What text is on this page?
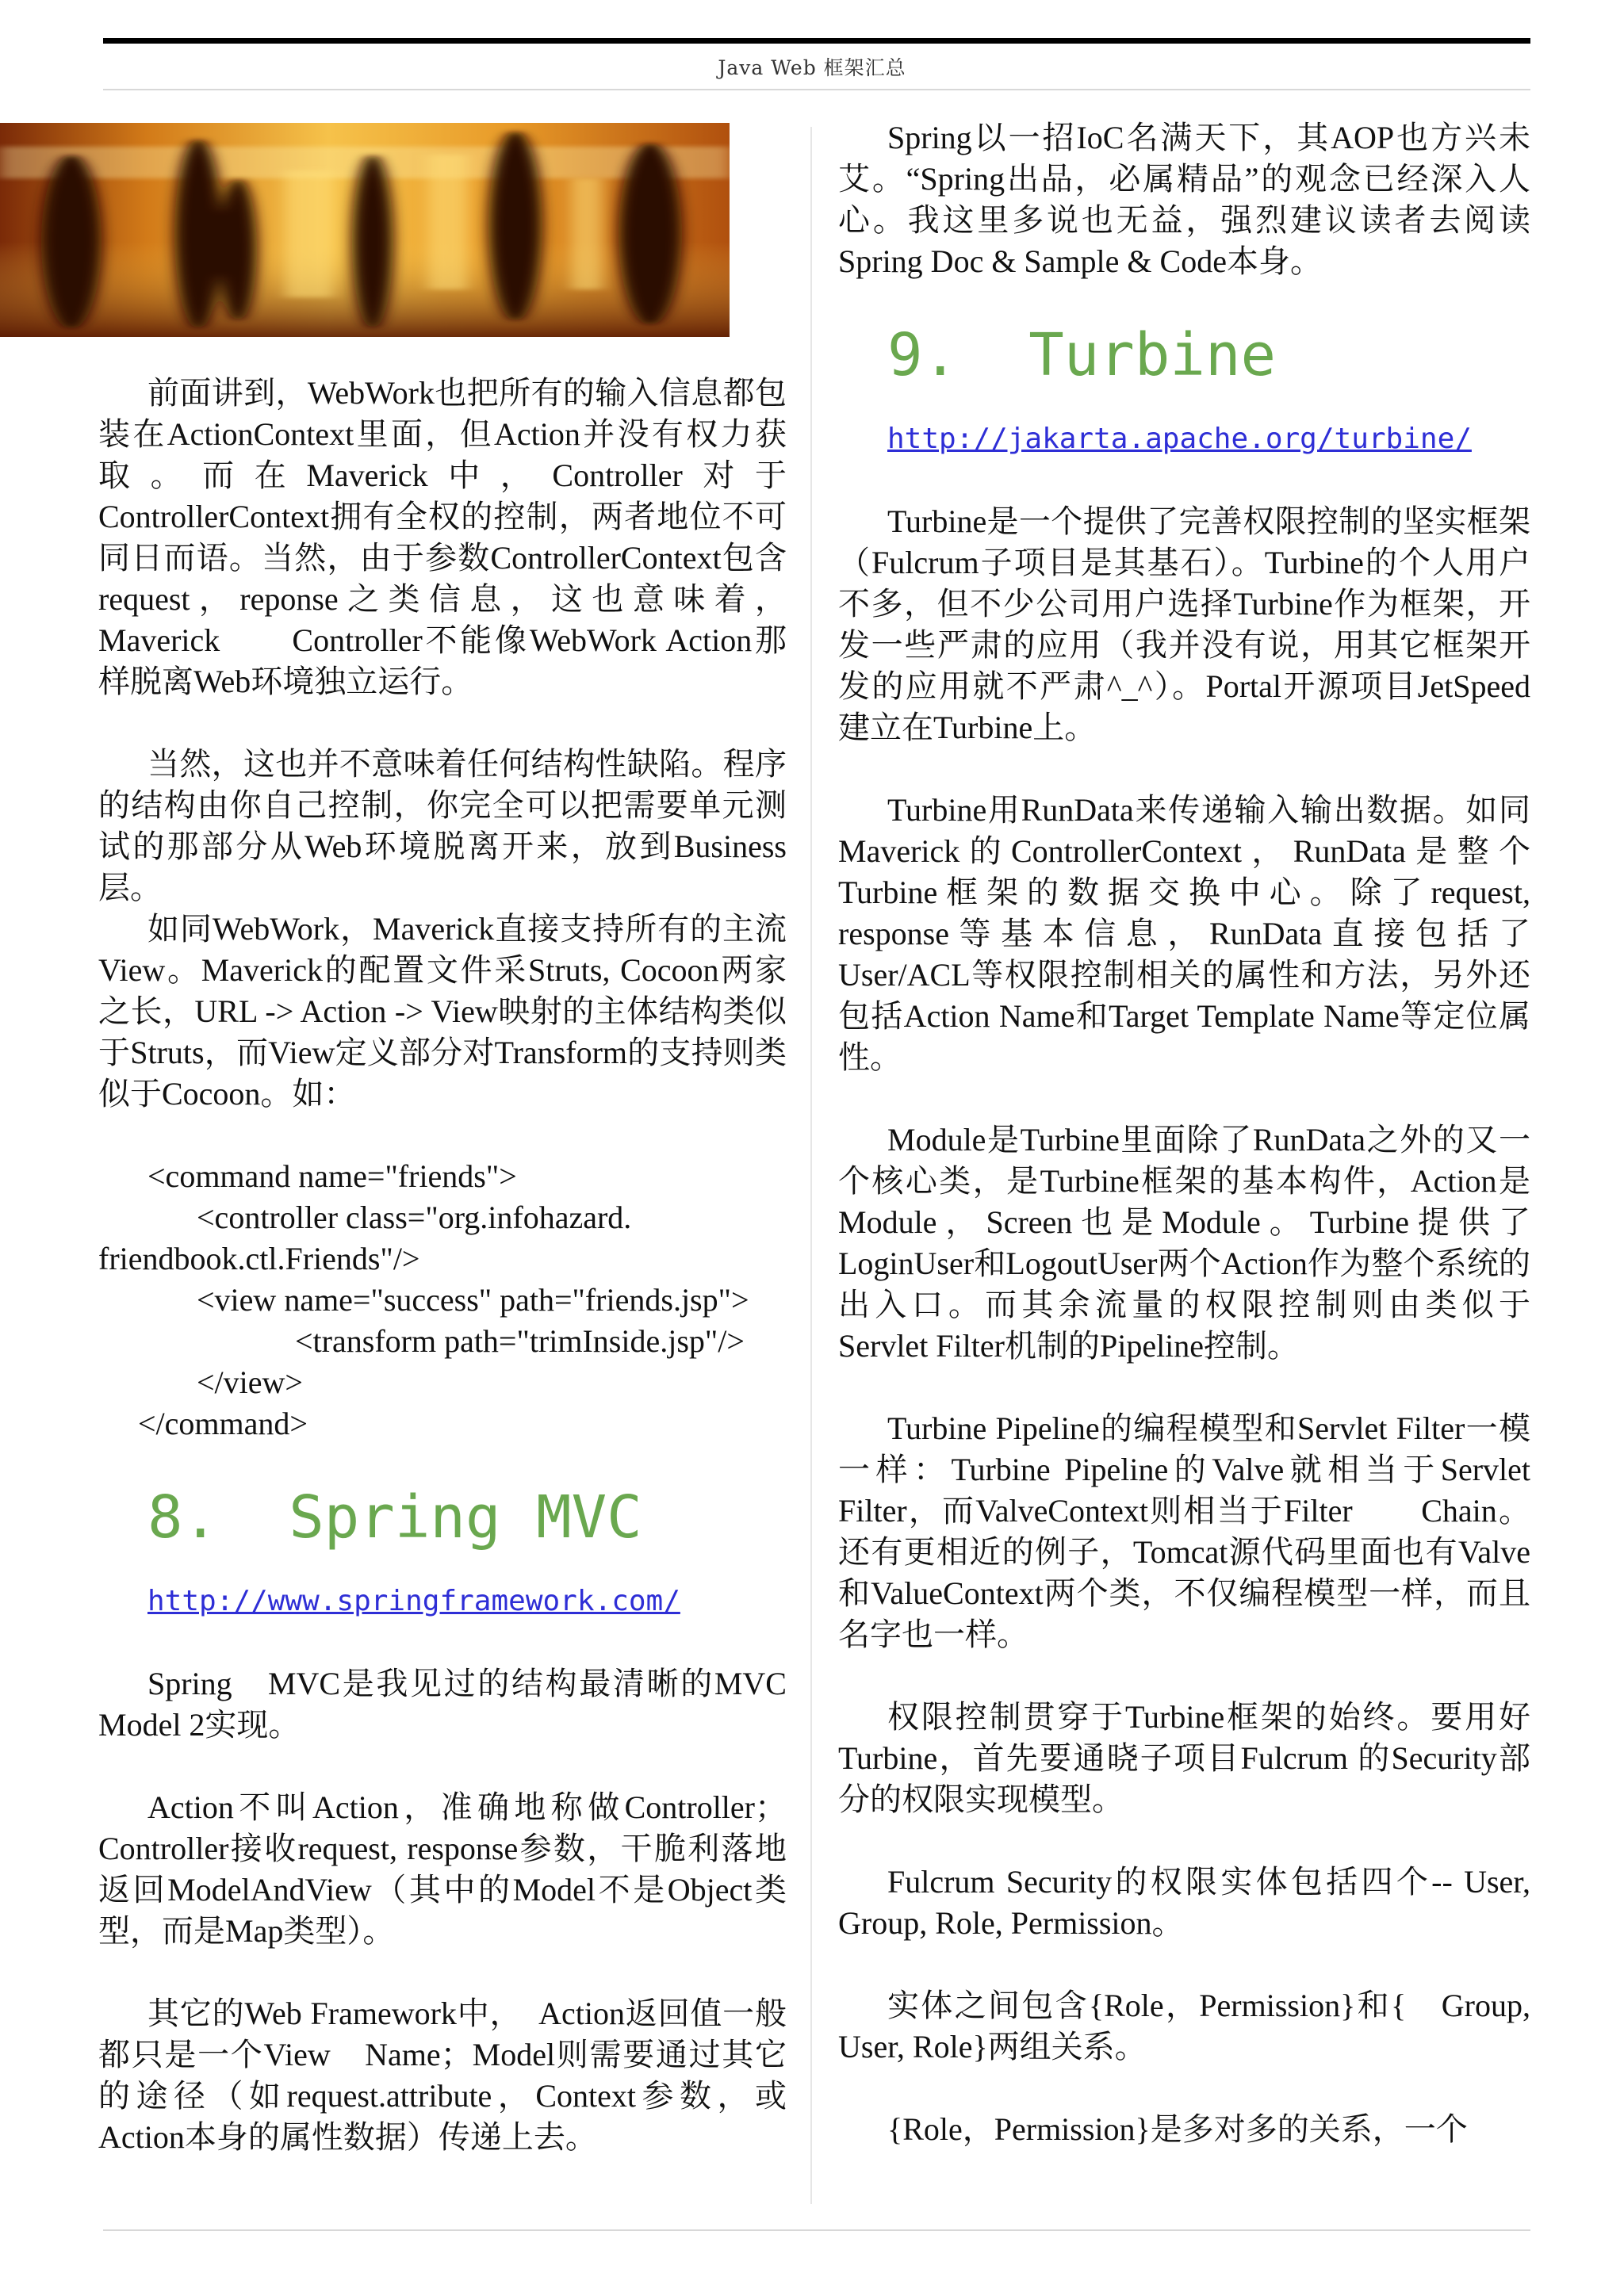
Java Web 框架汇总

前面讲到，WebWork也把所有的输入信息都包装在ActionContext里面，但Action并没有权力获取。而在Maverick中，Controller对于ControllerContext拥有全权的控制，两者地位不可同日而语。当然，由于参数ControllerContext包含request，reponse之类信息，这也意味着，Maverick　　Controller不能像WebWork Action那样脱离Web环境独立运行。

当然，这也并不意味着任何结构性缺陷。程序的结构由你自己控制，你完全可以把需要单元测试的那部分从Web环境脱离开来，放到Business层。

如同WebWork，Maverick直接支持所有的主流View。Maverick的配置文件采Struts, Cocoon两家之长，URL -> Action -> View映射的主体结构类似于Struts，而View定义部分对Transform的支持则类似于Cocoon。如：

<command name="friends">
<controller class="org.infohazard.
friendbook.ctl.Friends"/>
<view name="success" path="friends.jsp">
<transform path="trimInside.jsp"/>
</view>
</command>
8.  Spring MVC
http://www.springframework.com/

Spring　MVC是我见过的结构最清晰的MVC Model 2实现。

Action不叫Action，准确地称做Controller；Controller接收request, response参数，干脆利落地返回ModelAndView（其中的Model不是Object类型，而是Map类型）。

其它的Web Framework中，　Action返回值一般都只是一个View　Name；Model则需要通过其它的途径（如request.attribute，Context参数，或Action本身的属性数据）传递上去。

Spring以一招IoC名满天下，其AOP也方兴未艾。“Spring出品，必属精品”的观念已经深入人心。我这里多说也无益，强烈建议读者去阅读Spring Doc & Sample & Code本身。

9.  Turbine
http://jakarta.apache.org/turbine/

Turbine是一个提供了完善权限控制的坚实框架（Fulcrum子项目是其基石）。Turbine的个人用户不多，但不少公司用户选择Turbine作为框架，开发一些严肃的应用（我并没有说，用其它框架开发的应用就不严肃^_^）。Portal开源项目JetSpeed建立在Turbine上。

Turbine用RunData来传递输入输出数据。如同Maverick的ControllerContext，RunData是整个Turbine框架的数据交换中心。除了request, response等基本信息，RunData直接包括了User/ACL等权限控制相关的属性和方法，另外还包括Action Name和Target Template Name等定位属性。

Module是Turbine里面除了RunData之外的又一个核心类，是Turbine框架的基本构件，Action是Module，Screen也是Module。Turbine提供了LoginUser和LogoutUser两个Action作为整个系统的出入口。而其余流量的权限控制则由类似于Servlet Filter机制的Pipeline控制。

Turbine Pipeline的编程模型和Servlet Filter一模一样：Turbine Pipeline的Valve就相当于Servlet Filter，而ValveContext则相当于Filter　　Chain。还有更相近的例子，Tomcat源代码里面也有Valve和ValueContext两个类，不仅编程模型一样，而且名字也一样。

权限控制贯穿于Turbine框架的始终。要用好Turbine，首先要通晓子项目Fulcrum 的Security部分的权限实现模型。

Fulcrum Security的权限实体包括四个-- User, Group, Role, Permission。

实体之间包含{Role，Permission}和{　Group, User, Role}两组关系。

{Role，Permission}是多对多的关系，一个
